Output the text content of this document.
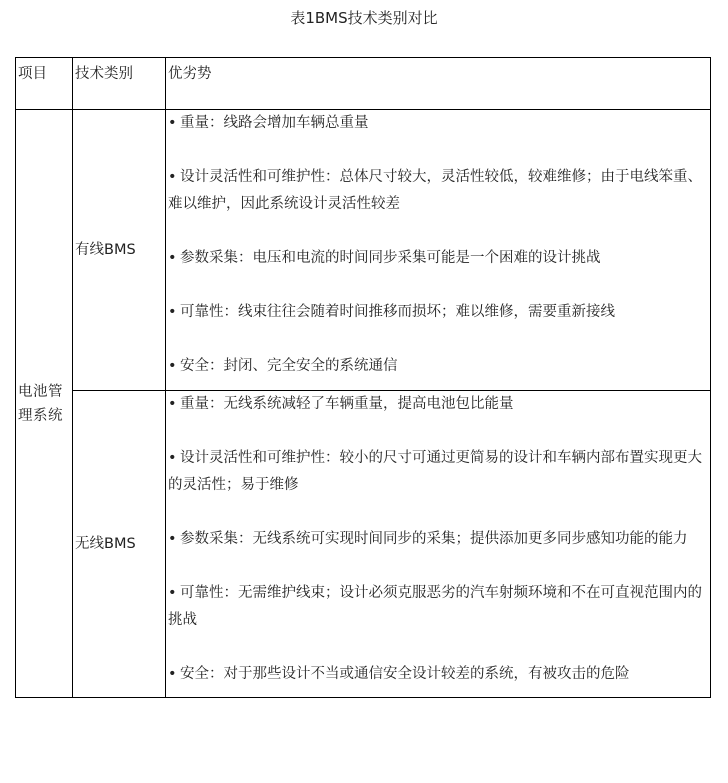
表1BMS技术类别对比
项目	技术类别	优劣势
电池管理系统	有线BMS	• 重量：线路会增加车辆总重量
• 设计灵活性和可维护性：总体尺寸较大，灵活性较低，较难维修；由于电线笨重、难以维护，因此系统设计灵活性较差
• 参数采集：电压和电流的时间同步采集可能是一个困难的设计挑战
• 可靠性：线束往往会随着时间推移而损坏；难以维修，需要重新接线
• 安全：封闭、完全安全的系统通信

	无线BMS	• 重量：无线系统减轻了车辆重量，提高电池包比能量
• 设计灵活性和可维护性：较小的尺寸可通过更简易的设计和车辆内部布置实现更大的灵活性；易于维修
• 参数采集：无线系统可实现时间同步的采集；提供添加更多同步感知功能的能力
• 可靠性：无需维护线束；设计必须克服恶劣的汽车射频环境和不在可直视范围内的挑战
• 安全：对于那些设计不当或通信安全设计较差的系统，有被攻击的危险
